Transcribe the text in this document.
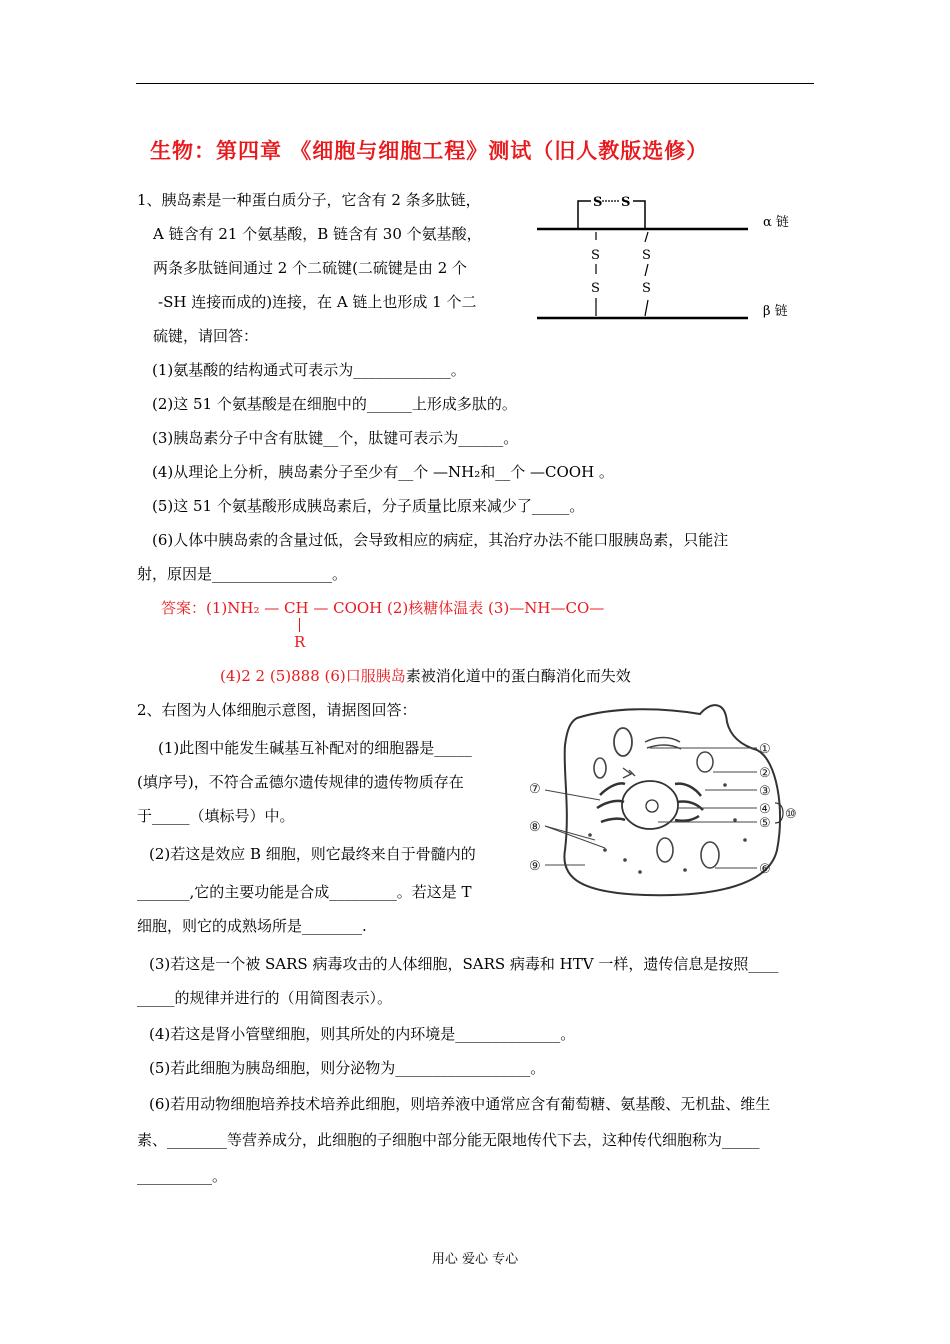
生物：第四章 《细胞与细胞工程》测试（旧人教版选修）
1、胰岛素是一种蛋白质分子，它含有 2 条多肽链，
A 链含有 21 个氨基酸，B 链含有 30 个氨基酸，
两条多肽链间通过 2 个二硫键(二硫键是由 2 个
-SH 连接而成的)连接，在 A 链上也形成 1 个二
硫键，请回答：
S S
S
S
S
S
α 链
β 链
(1)氨基酸的结构通式可表示为_____________。
(2)这 51 个氨基酸是在细胞中的______上形成多肽的。
(3)胰岛素分子中含有肽键__个，肽键可表示为______。
(4)从理论上分析，胰岛素分子至少有__个 —NH₂和__个 —COOH 。
(5)这 51 个氨基酸形成胰岛素后，分子质量比原来减少了_____。
(6)人体中胰岛索的含量过低，会导致相应的病症，其治疗办法不能口服胰岛素，只能注
射，原因是________________。
答案：(1)NH₂ — CH — COOH (2)核糖体温表 (3)—NH—CO—
R
(4)2 2 (5)888 (6)口服胰岛素被消化道中的蛋白酶消化而失效
2、右图为人体细胞示意图，请据图回答：
①
②
③
④
⑤
⑥
⑦
⑧
⑨
⑩
(1)此图中能发生碱基互补配对的细胞器是_____
(填序号)，不符合孟德尔遗传规律的遗传物质存在
于_____（填标号）中。
(2)若这是效应 B 细胞，则它最终来自于骨髓内的
_______,它的主要功能是合成_________。若这是 T
细胞，则它的成熟场所是________.
(3)若这是一个被 SARS 病毒攻击的人体细胞，SARS 病毒和 HTV 一样，遗传信息是按照____
_____的规律并进行的（用简图表示）。
(4)若这是肾小管壁细胞，则其所处的内环境是______________。
(5)若此细胞为胰岛细胞，则分泌物为__________________。
(6)若用动物细胞培养技术培养此细胞，则培养液中通常应含有葡萄糖、氨基酸、无机盐、维生
素、________等营养成分，此细胞的子细胞中部分能无限地传代下去，这种传代细胞称为_____
__________。
用心 爱心 专心
